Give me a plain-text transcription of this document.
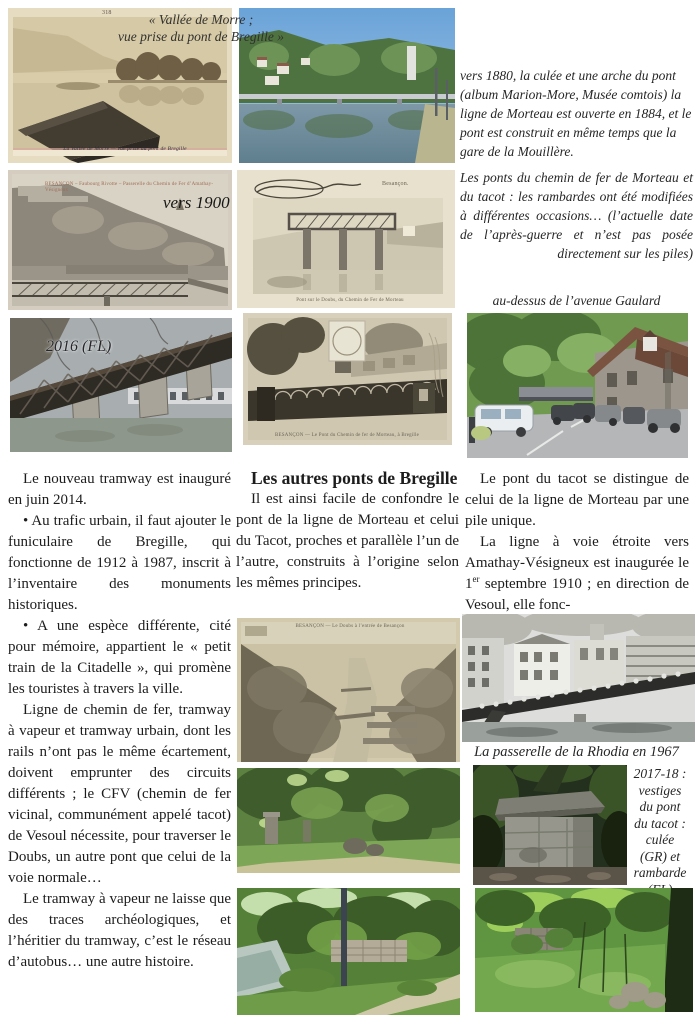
318
La Vallée de Morre — vue prise du pont de Bregille
« Vallée de Morre ;
vue prise du pont de Bregille »
vers 1880, la culée et une arche du pont (album Marion-More, Musée comtois) la ligne de Morteau est ouverte en 1884, et le pont est construit en même temps que la gare de la Mouillère.
Les ponts du chemin de fer de Morteau et du tacot : les rambardes ont été modifiées à différentes occasions… (l’actuelle date de l’après-guerre et n’est pas posée directement sur les piles)
au-dessus de l’avenue Gaulard
BESANÇON – Faubourg Rivotte – Passerelle du Chemin de Fer d’Amathay-Vésigneux
vers 1900
Besançon.
Pont sur le Doubs, du Chemin de Fer de Morteau
2016 (FL)
BESANÇON — Le Pont du Chemin de fer de Morteau, à Bregille

Le nouveau tramway est inauguré en juin 2014.

• Au trafic urbain, il faut ajouter le funiculaire de Bregille, qui fonctionne de 1912 à 1987, inscrit à l’inventaire des monuments historiques.

• A une espèce différente, cité pour mémoire, appartient le « petit train de la Citadelle », qui promène les touristes à travers la ville.

Ligne de chemin de fer, tramway à vapeur et tramway urbain, dont les rails n’ont pas le même écartement, doivent emprunter des circuits différents ; le CFV (chemin de fer vicinal, communément appelé tacot) de Vesoul nécessite, pour traverser le Doubs, un autre pont que celui de la voie normale…

Le tramway à vapeur ne laisse que des traces archéologiques, et l’héritier du tramway, c’est le réseau d’autobus… une autre histoire.

Les autres ponts de Bregille

Il est ainsi facile de confondre le pont de la ligne de Morteau et celui du Tacot, proches et parallèle l’un de l’autre, construits à l’origine selon les mêmes principes.

Le pont du tacot se distingue de celui de la ligne de Morteau par une pile unique.

La ligne à voie étroite vers Amathay-Vésigneux est inaugurée le 1er septembre 1910 ; en direction de Vesoul, elle fonc-

BESANÇON — Le Doubs à l’entrée de Besançon
La passerelle de la Rhodia en 1967
2017-18 :
vestiges
du pont
du tacot :
culée
(GR) et
rambarde
